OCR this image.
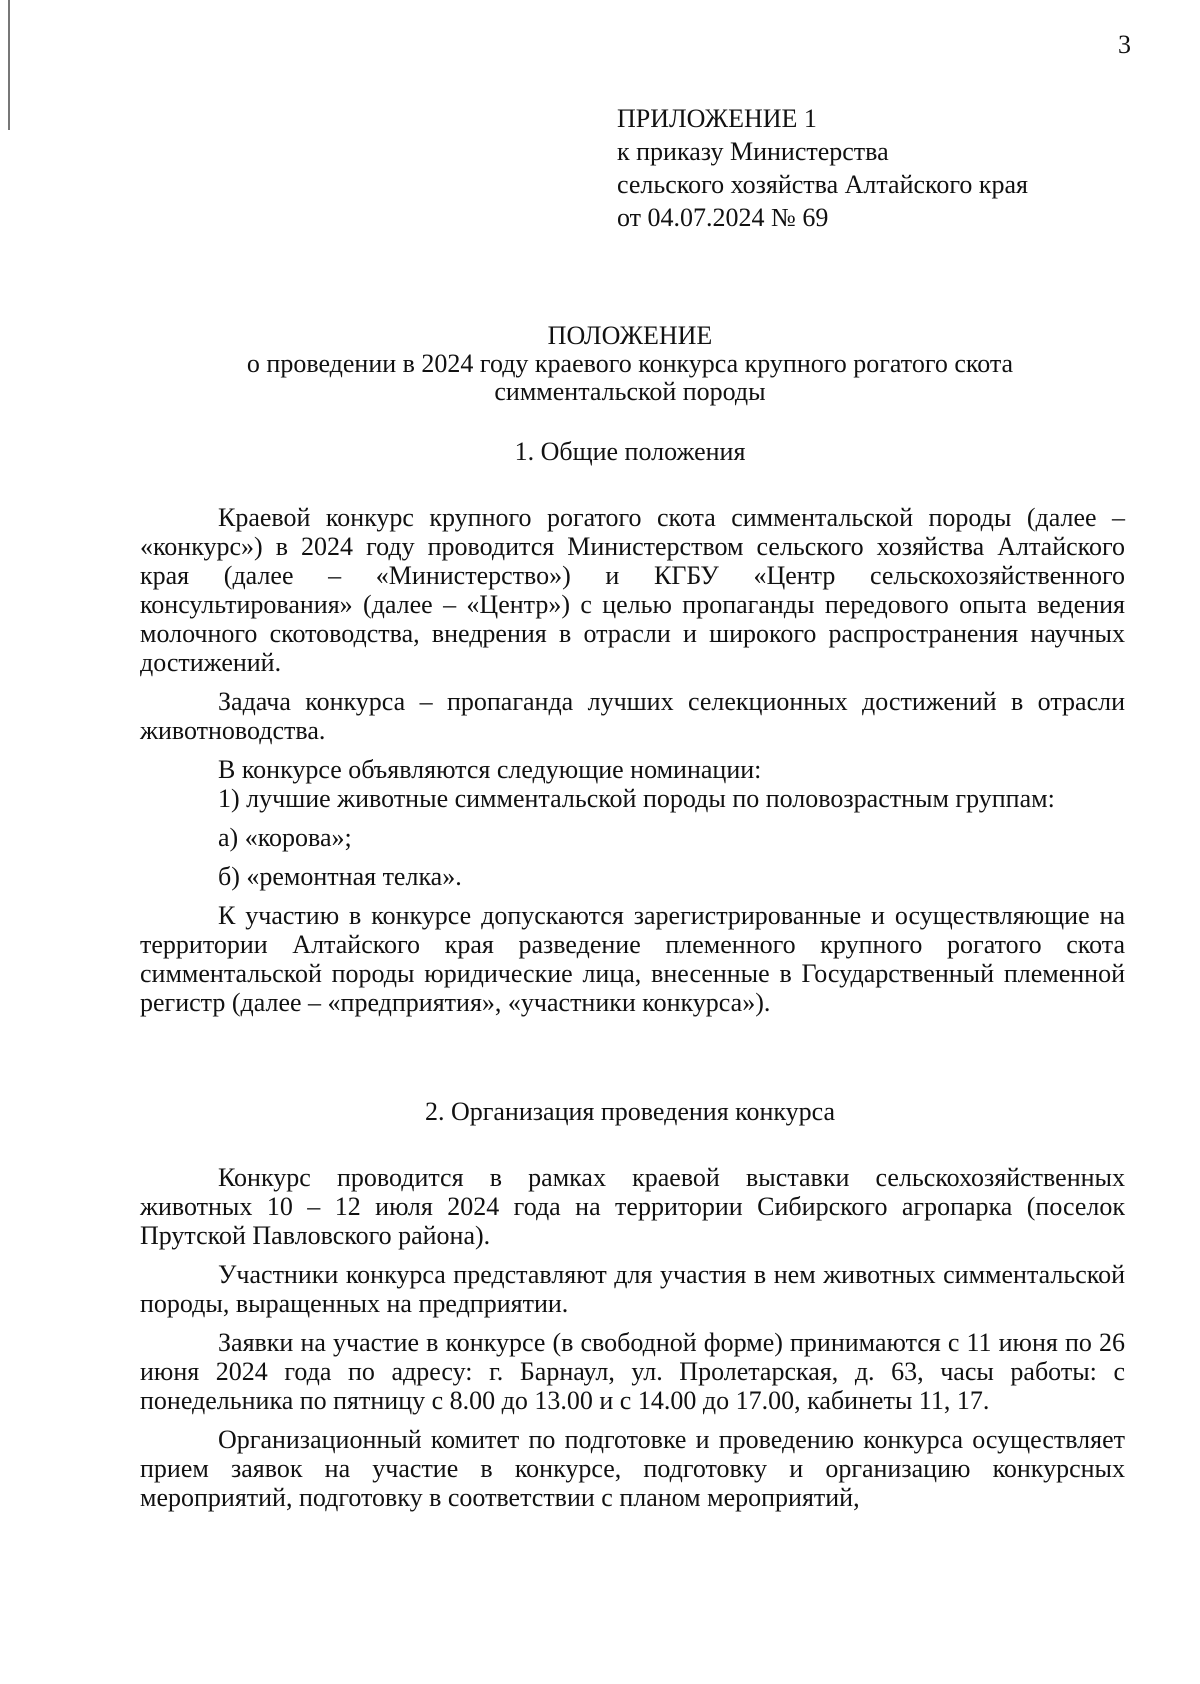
3
ПРИЛОЖЕНИЕ 1
к приказу Министерства
сельского хозяйства Алтайского края
от 04.07.2024 № 69
ПОЛОЖЕНИЕ
о проведении в 2024 году краевого конкурса крупного рогатого скота
симментальской породы
1. Общие положения

Краевой конкурс крупного рогатого скота симментальской породы (далее – «конкурс») в 2024 году проводится Министерством сельского хозяйства Алтайского края (далее – «Министерство») и КГБУ «Центр сельскохозяйственного консультирования» (далее – «Центр») с целью пропаганды передового опыта ведения молочного скотоводства, внедрения в отрасли и широкого распространения научных достижений.

Задача конкурса – пропаганда лучших селекционных достижений в отрасли животноводства.

В конкурсе объявляются следующие номинации:

1) лучшие животные симментальской породы по половозрастным группам:

а) «корова»;

б) «ремонтная телка».

К участию в конкурсе допускаются зарегистрированные и осуществляющие на территории Алтайского края разведение племенного крупного рогатого скота симментальской породы юридические лица, внесенные в Государственный племенной регистр (далее – «предприятия», «участники конкурса»).

2. Организация проведения конкурса

Конкурс проводится в рамках краевой выставки сельскохозяйственных животных 10 – 12 июля 2024 года на территории Сибирского агропарка (поселок Прутской Павловского района).

Участники конкурса представляют для участия в нем животных симментальской породы, выращенных на предприятии.

Заявки на участие в конкурсе (в свободной форме) принимаются с 11 июня по 26 июня 2024 года по адресу: г. Барнаул, ул. Пролетарская, д. 63, часы работы: с понедельника по пятницу с 8.00 до 13.00 и с 14.00 до 17.00, кабинеты 11, 17.

Организационный комитет по подготовке и проведению конкурса осуществляет прием заявок на участие в конкурсе, подготовку и организацию конкурсных мероприятий, подготовку в соответствии с планом мероприятий,
